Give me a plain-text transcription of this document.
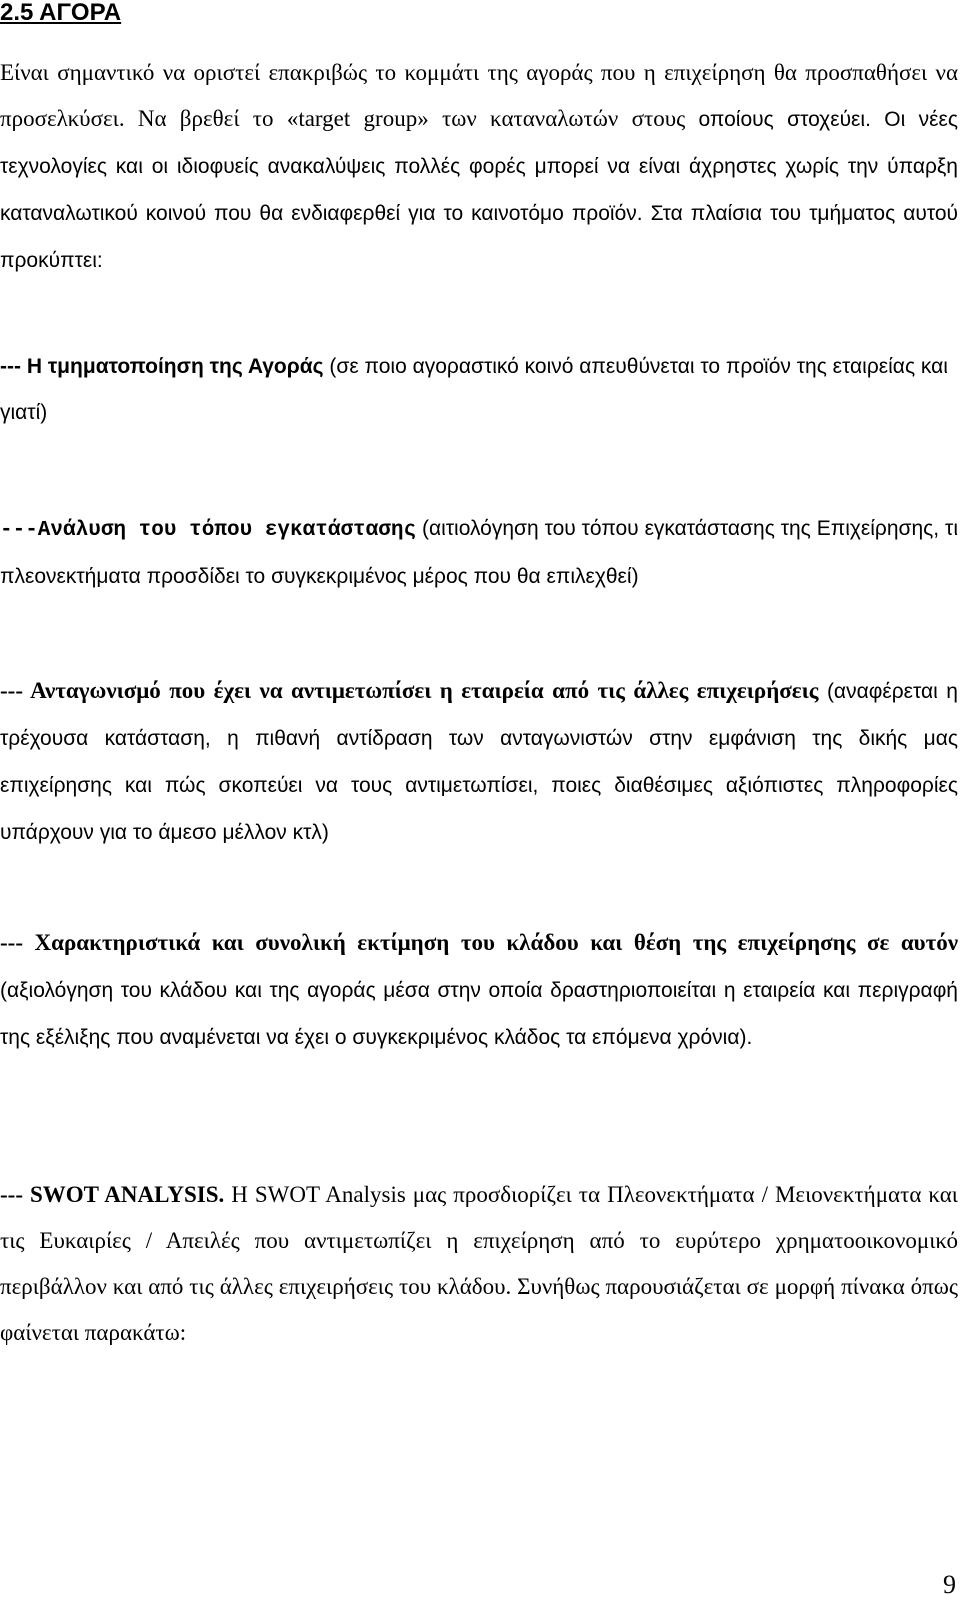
2.5 ΑΓΟΡΑ

Είναι σημαντικό να οριστεί επακριβώς το κομμάτι της αγοράς που η επιχείρηση θα προσπαθήσει να προσελκύσει. Να βρεθεί το «target group» των καταναλωτών στους οποίους στοχεύει. Οι νέες τεχνολογίες και οι ιδιοφυείς ανακαλύψεις πολλές φορές μπορεί να είναι άχρηστες χωρίς την ύπαρξη καταναλωτικού κοινού που θα ενδιαφερθεί για το καινοτόμο προϊόν. Στα πλαίσια του τμήματος αυτού προκύπτει:

--- Η τμηματοποίηση της Αγοράς (σε ποιο αγοραστικό κοινό απευθύνεται το προϊόν της εταιρείας και γιατί)

---Ανάλυση του τόπου εγκατάστασης (αιτιολόγηση του τόπου εγκατάστασης της Επιχείρησης, τι πλεονεκτήματα προσδίδει το συγκεκριμένος μέρος που θα επιλεχθεί)

--- Ανταγωνισμό που έχει να αντιμετωπίσει η εταιρεία από τις άλλες επιχειρήσεις (αναφέρεται η τρέχουσα κατάσταση, η πιθανή αντίδραση των ανταγωνιστών στην εμφάνιση της δικής μας επιχείρησης και πώς σκοπεύει να τους αντιμετωπίσει, ποιες διαθέσιμες αξιόπιστες πληροφορίες υπάρχουν για το άμεσο μέλλον κτλ)

--- Χαρακτηριστικά και συνολική εκτίμηση του κλάδου και θέση της επιχείρησης σε αυτόν (αξιολόγηση του κλάδου και της αγοράς μέσα στην οποία δραστηριοποιείται η εταιρεία και περιγραφή της εξέλιξης που αναμένεται να έχει ο συγκεκριμένος κλάδος τα επόμενα χρόνια).

--- SWOT ANALYSIS. Η SWOT Analysis μας προσδιορίζει τα Πλεονεκτήματα / Μειονεκτήματα και τις Ευκαιρίες / Απειλές που αντιμετωπίζει η επιχείρηση από το ευρύτερο χρηματοοικονομικό περιβάλλον και από τις άλλες επιχειρήσεις του κλάδου. Συνήθως παρουσιάζεται σε μορφή πίνακα όπως φαίνεται παρακάτω:

9
